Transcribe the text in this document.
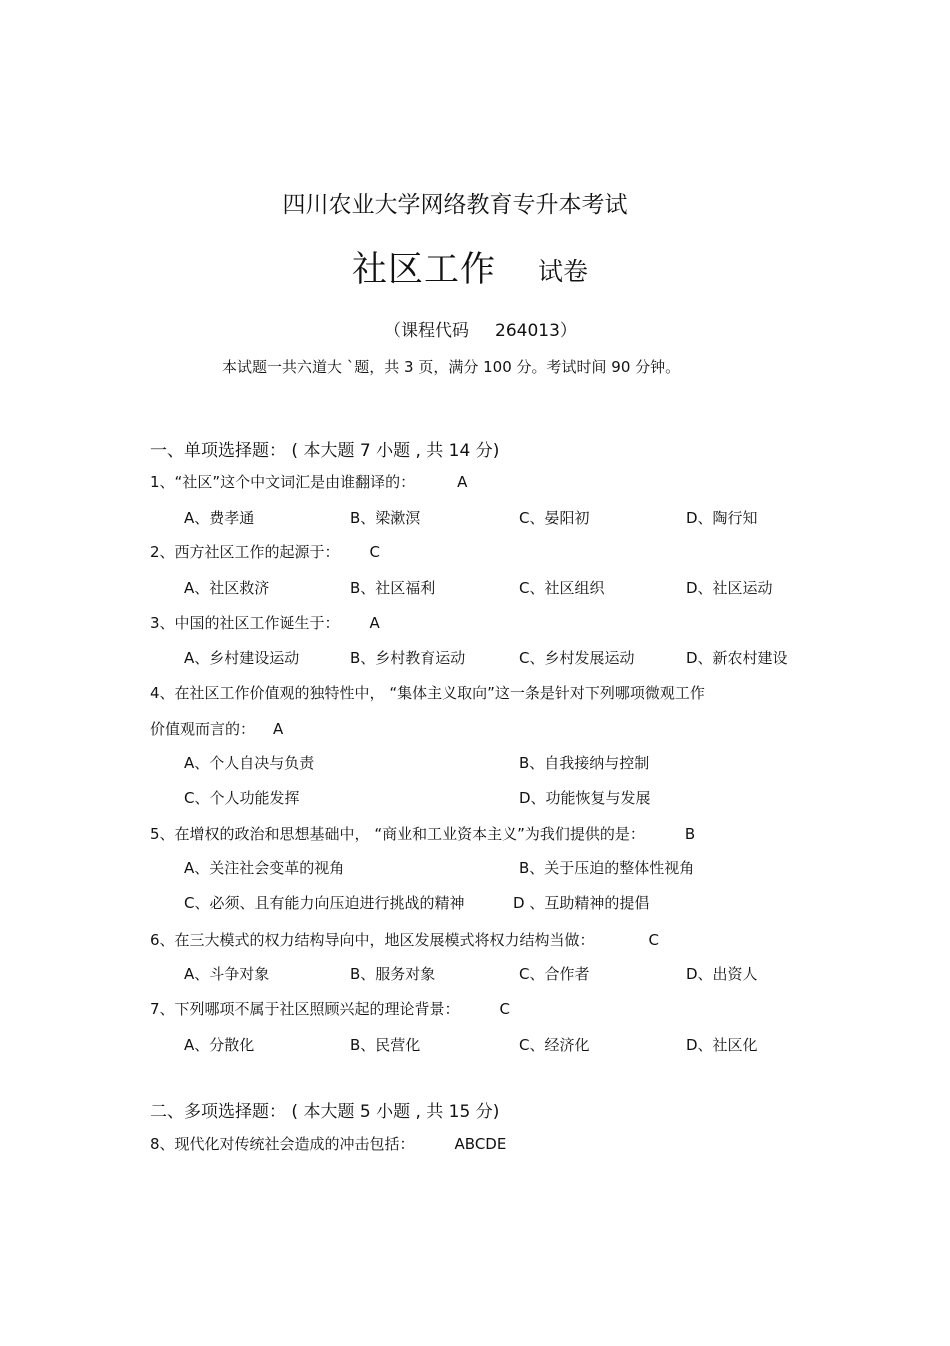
四川农业大学网络教育专升本考试
社区工作 试卷
（课程代码 264013）
本试题一共六道大 `题，共 3 页，满分 100 分。考试时间 90 分钟。
一、单项选择题： ( 本大题 7 小题 , 共 14 分)
1、“社区”这个中文词汇是由谁翻译的：	A
A、费孝通	B、梁漱溟	C、晏阳初	D、陶行知
2、西方社区工作的起源于： C
A、社区救济	B、社区福利	C、社区组织	D、社区运动
3、中国的社区工作诞生于： A
A、乡村建设运动	B、乡村教育运动	C、乡村发展运动	D、新农村建设
4、在社区工作价值观的独特性中， “集体主义取向”这一条是针对下列哪项微观工作
价值观而言的： A
A、个人自决与负责	B、自我接纳与控制
C、个人功能发挥	D、功能恢复与发展
5、在增权的政治和思想基础中， “商业和工业资本主义”为我们提供的是：	B
A、关注社会变革的视角	B、关于压迫的整体性视角
C、必须、且有能力向压迫进行挑战的精神	D 、互助精神的提倡
6、在三大模式的权力结构导向中，地区发展模式将权力结构当做：	C
A、斗争对象	B、服务对象	C、合作者	D、出资人
7、下列哪项不属于社区照顾兴起的理论背景：	C
A、分散化	B、民营化	C、经济化	D、社区化
二、多项选择题： ( 本大题 5 小题 , 共 15 分)
8、现代化对传统社会造成的冲击包括：	ABCDE
